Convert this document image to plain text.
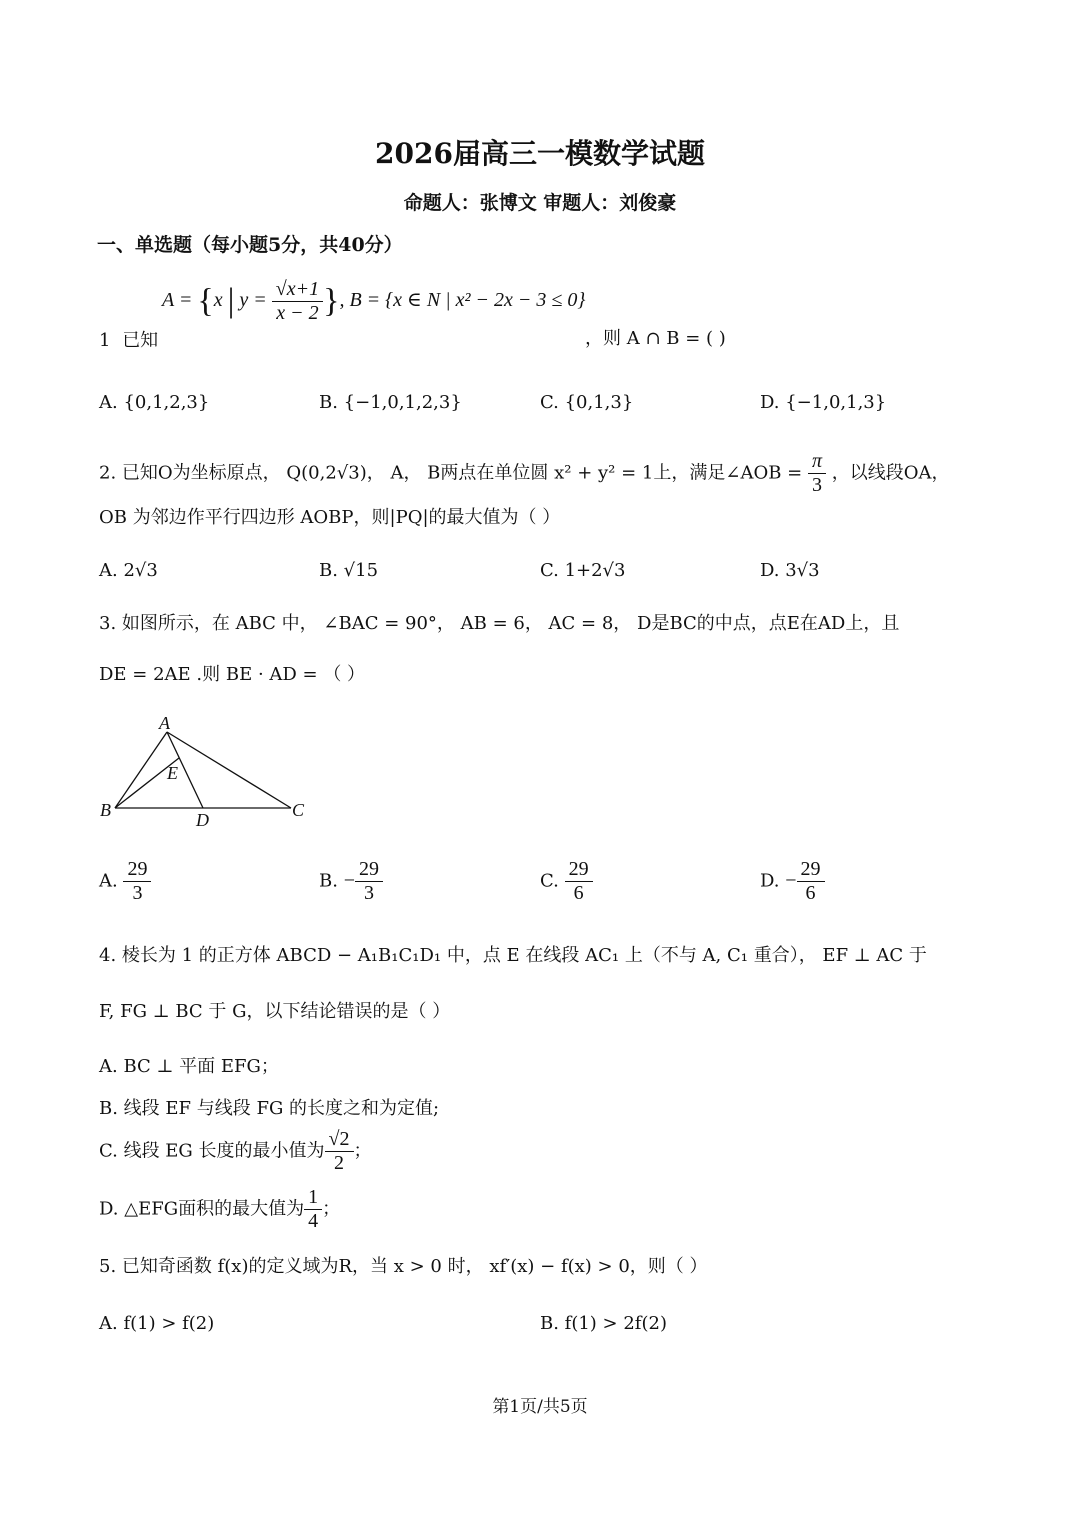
2026届高三一模数学试题
命题人：张博文 审题人：刘俊豪
一、单选题（每小题5分，共40分）
A = {x | $y = \frac{√x+1}{x - 2}$ }, B = {x ∈ N | x² − 2x − 3 ≤ 0}
1 已知	，则 A ∩ B = ( )
A. {0,1,2,3}	B. {−1,0,1,2,3}	C. {0,1,3}	D. {−1,0,1,3}
2. 已知O为坐标原点， Q(0,2√3)， A， B两点在单位圆 x² + y² = 1上，满足∠AOB = $\frac{\pi}{3}$ ，以线段OA，
OB 为邻边作平行四边形 AOBP，则|PQ|的最大值为（ ）
A. 2√3	B. √15	C. 1+2√3	D. 3√3
3. 如图所示，在 ABC 中， ∠BAC = 90°， AB = 6， AC = 8， D是BC的中点，点E在AD上，且
DE = 2AE .则 BE · AD = （ ）
A
E
B	D	C
A. $\frac{29}{3}$	B. − $\frac{29}{3}$	C. $\frac{29}{6}$	D. − $\frac{29}{6}$
4. 棱长为 1 的正方体 ABCD − A₁B₁C₁D₁ 中，点 E 在线段 AC₁ 上（不与 A, C₁ 重合）， EF ⊥ AC 于
F, FG ⊥ BC 于 G，以下结论错误的是（ ）
A. BC ⊥ 平面 EFG；
B. 线段 EF 与线段 FG 的长度之和为定值;
C. 线段 EG 长度的最小值为 $\frac{√2}{2}$ ；
D. △EFG面积的最大值为 $\frac{1}{4}$ ；
5. 已知奇函数 f(x)的定义域为R，当 x > 0 时， xf′(x) − f(x) > 0，则（ ）
A. f(1) > f(2)	B. f(1) > 2f(2)
第1页/共5页
